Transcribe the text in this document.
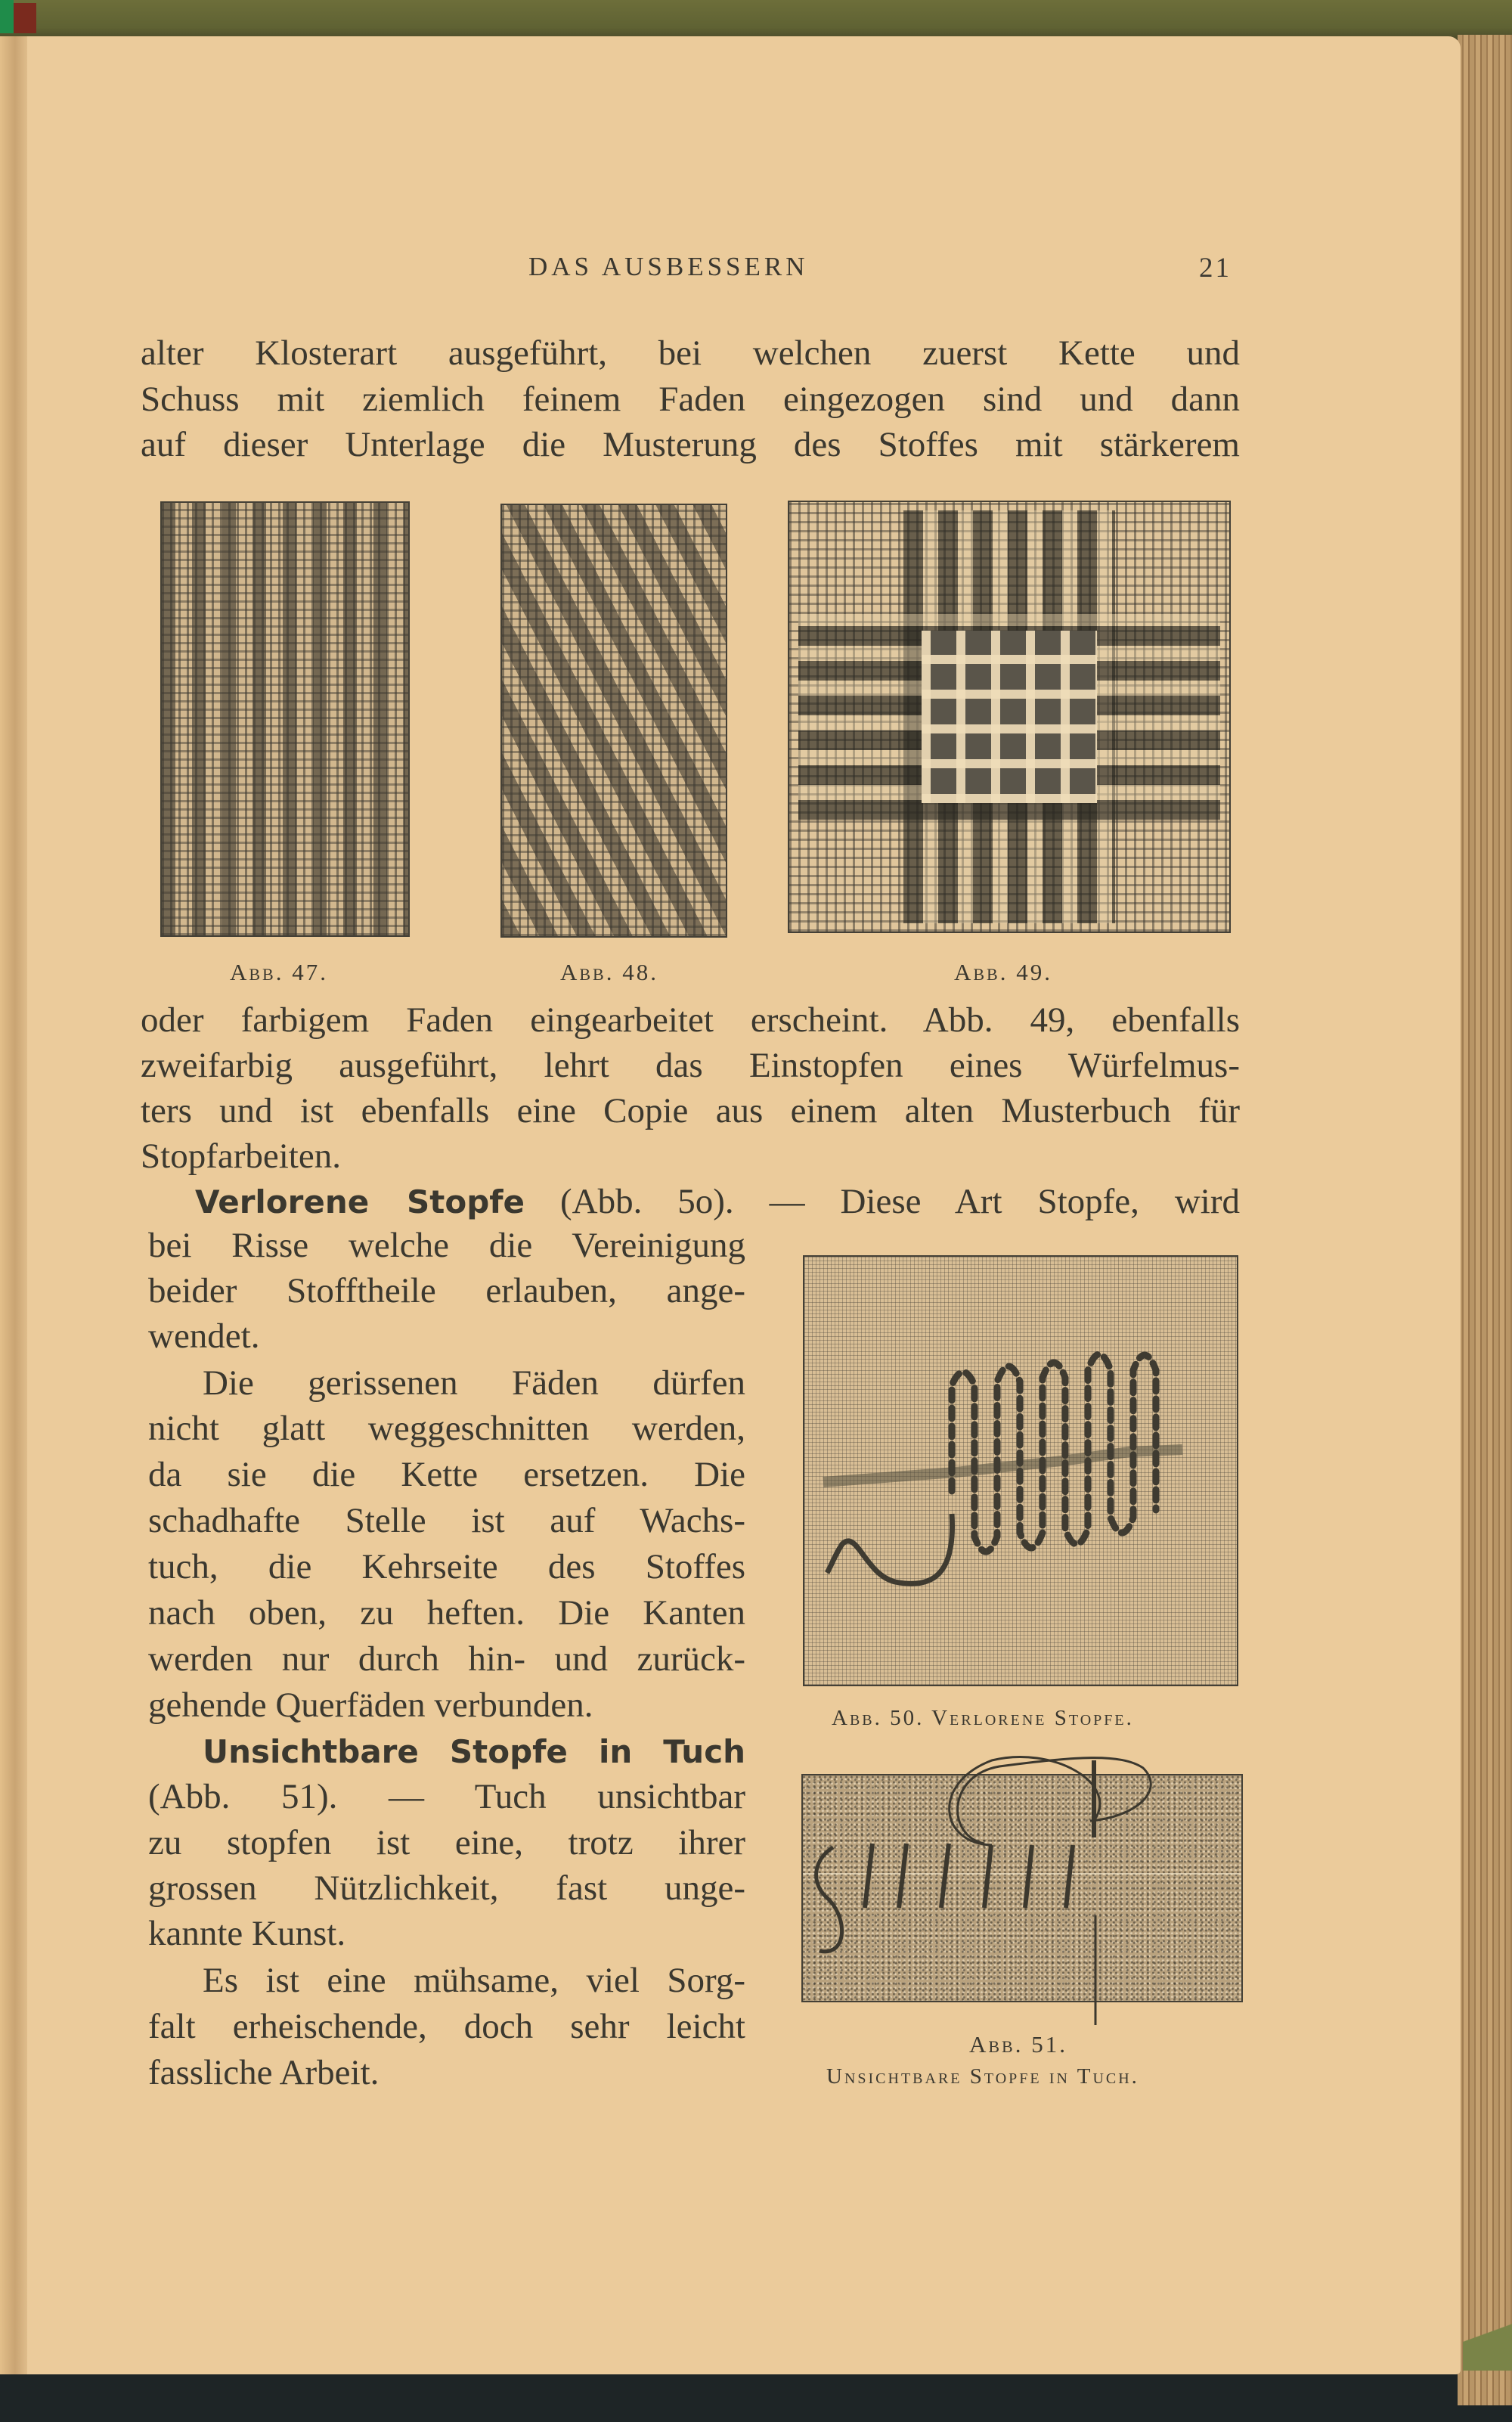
DAS AUSBESSERN	21
alter Klosterart ausgeführt, bei welchen zuerst Kette und
Schuss mit ziemlich feinem Faden eingezogen sind und dann
auf dieser Unterlage die Musterung des Stoffes mit stärkerem
Abb. 47.	Abb. 48.	Abb. 49.
oder farbigem Faden eingearbeitet erscheint. Abb. 49, ebenfalls
zweifarbig ausgeführt, lehrt das Einstopfen eines Würfelmus-
ters und ist ebenfalls eine Copie aus einem alten Musterbuch für
Stopfarbeiten.
Verlorene Stopfe (Abb. 5o). — Diese Art Stopfe, wird
bei Risse welche die Vereinigung
beider Stofftheile erlauben, ange-
wendet.
Die gerissenen Fäden dürfen
nicht glatt weggeschnitten werden,
da sie die Kette ersetzen. Die
schadhafte Stelle ist auf Wachs-
tuch, die Kehrseite des Stoffes
nach oben, zu heften. Die Kanten
werden nur durch hin- und zurück-
gehende Querfäden verbunden.	Abb. 50. Verlorene Stopfe.
Unsichtbare Stopfe in Tuch
(Abb. 51). — Tuch unsichtbar
zu stopfen ist eine, trotz ihrer
grossen Nützlichkeit, fast unge-
kannte Kunst.
Es ist eine mühsame, viel Sorg-
falt erheischende, doch sehr leicht
fassliche Arbeit.
Abb. 51.
Unsichtbare Stopfe in Tuch.
